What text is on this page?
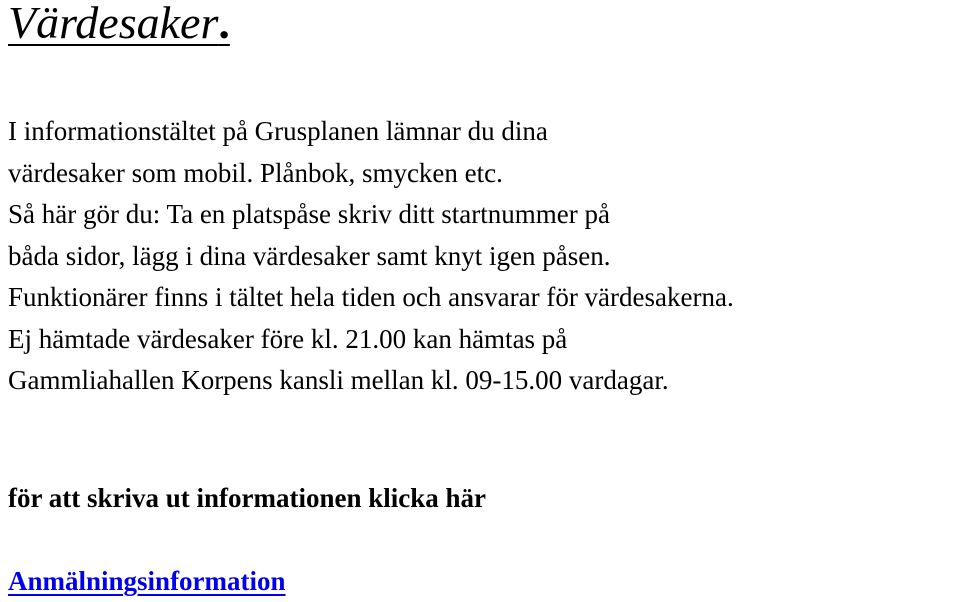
Värdesaker.
I informationstältet på Grusplanen lämnar du dina
värdesaker som mobil. Plånbok, smycken etc.
Så här gör du: Ta en platspåse skriv ditt startnummer på
båda sidor, lägg i dina värdesaker samt knyt igen påsen.
Funktionärer finns i tältet hela tiden och ansvarar för värdesakerna.
Ej hämtade värdesaker före kl. 21.00 kan hämtas på
Gammliahallen Korpens kansli mellan kl. 09-15.00 vardagar.
för att skriva ut informationen klicka här
Anmälningsinformation
